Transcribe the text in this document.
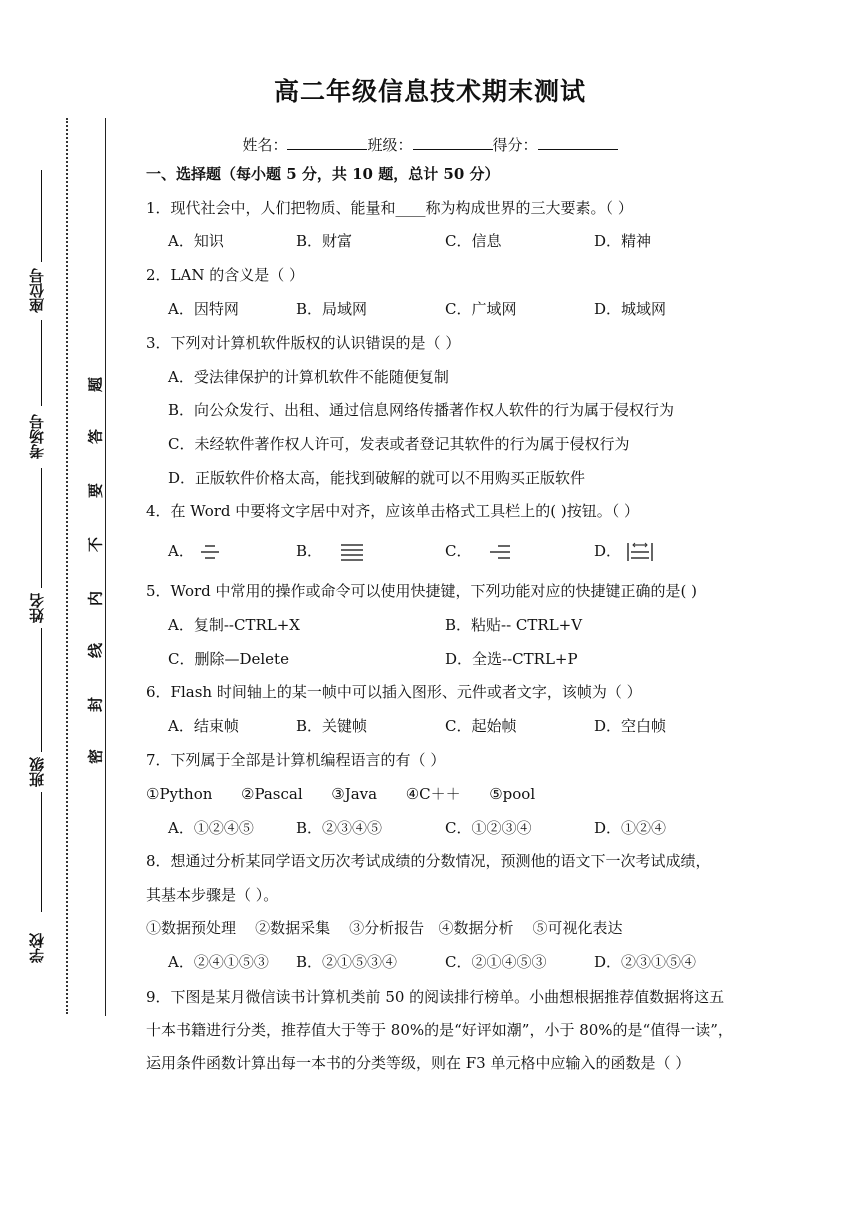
座位号
考场号
姓名
班级
学校
题
答
要
不
内
线
封
密
高二年级信息技术期末测试
姓名：	班级：	得分：
一、选择题（每小题 5 分，共 10 题，总计 50 分）
1．现代社会中，人们把物质、能量和____称为构成世界的三大要素。（ ）
A．知识	B．财富	C．信息	D．精神
2．LAN 的含义是（ ）
A．因特网	B．局域网	C．广域网	D．城域网
3．下列对计算机软件版权的认识错误的是（ ）
A．受法律保护的计算机软件不能随便复制
B．向公众发行、出租、通过信息网络传播著作权人软件的行为属于侵权行为
C．未经软件著作权人许可，发表或者登记其软件的行为属于侵权行为
D．正版软件价格太高，能找到破解的就可以不用购买正版软件
4．在 Word 中要将文字居中对齐，应该单击格式工具栏上的( )按钮。（ ）
A．	B．	C．	D．
5．Word 中常用的操作或命令可以使用快捷键，下列功能对应的快捷键正确的是( )
A．复制--CTRL+X	B．粘贴-- CTRL+V
C．删除—Delete	D．全选--CTRL+P
6．Flash 时间轴上的某一帧中可以插入图形、元件或者文字，该帧为（ ）
A．结束帧	B．关键帧	C．起始帧	D．空白帧
7．下列属于全部是计算机编程语言的有（ ）
①Python      ②Pascal      ③Java      ④C＋＋      ⑤pool
A．①②④⑤	B．②③④⑤	C．①②③④	D．①②④
8．想通过分析某同学语文历次考试成绩的分数情况，预测他的语文下一次考试成绩，
其基本步骤是（ ）。
①数据预处理    ②数据采集    ③分析报告   ④数据分析    ⑤可视化表达
A．②④①⑤③ B．②①⑤③④	C．②①④⑤③	D．②③①⑤④
9．下图是某月微信读书计算机类前 50 的阅读排行榜单。小曲想根据推荐值数据将这五
十本书籍进行分类，推荐值大于等于 80%的是“好评如潮”，小于 80%的是“值得一读”，
运用条件函数计算出每一本书的分类等级，则在 F3 单元格中应输入的函数是（ ）
